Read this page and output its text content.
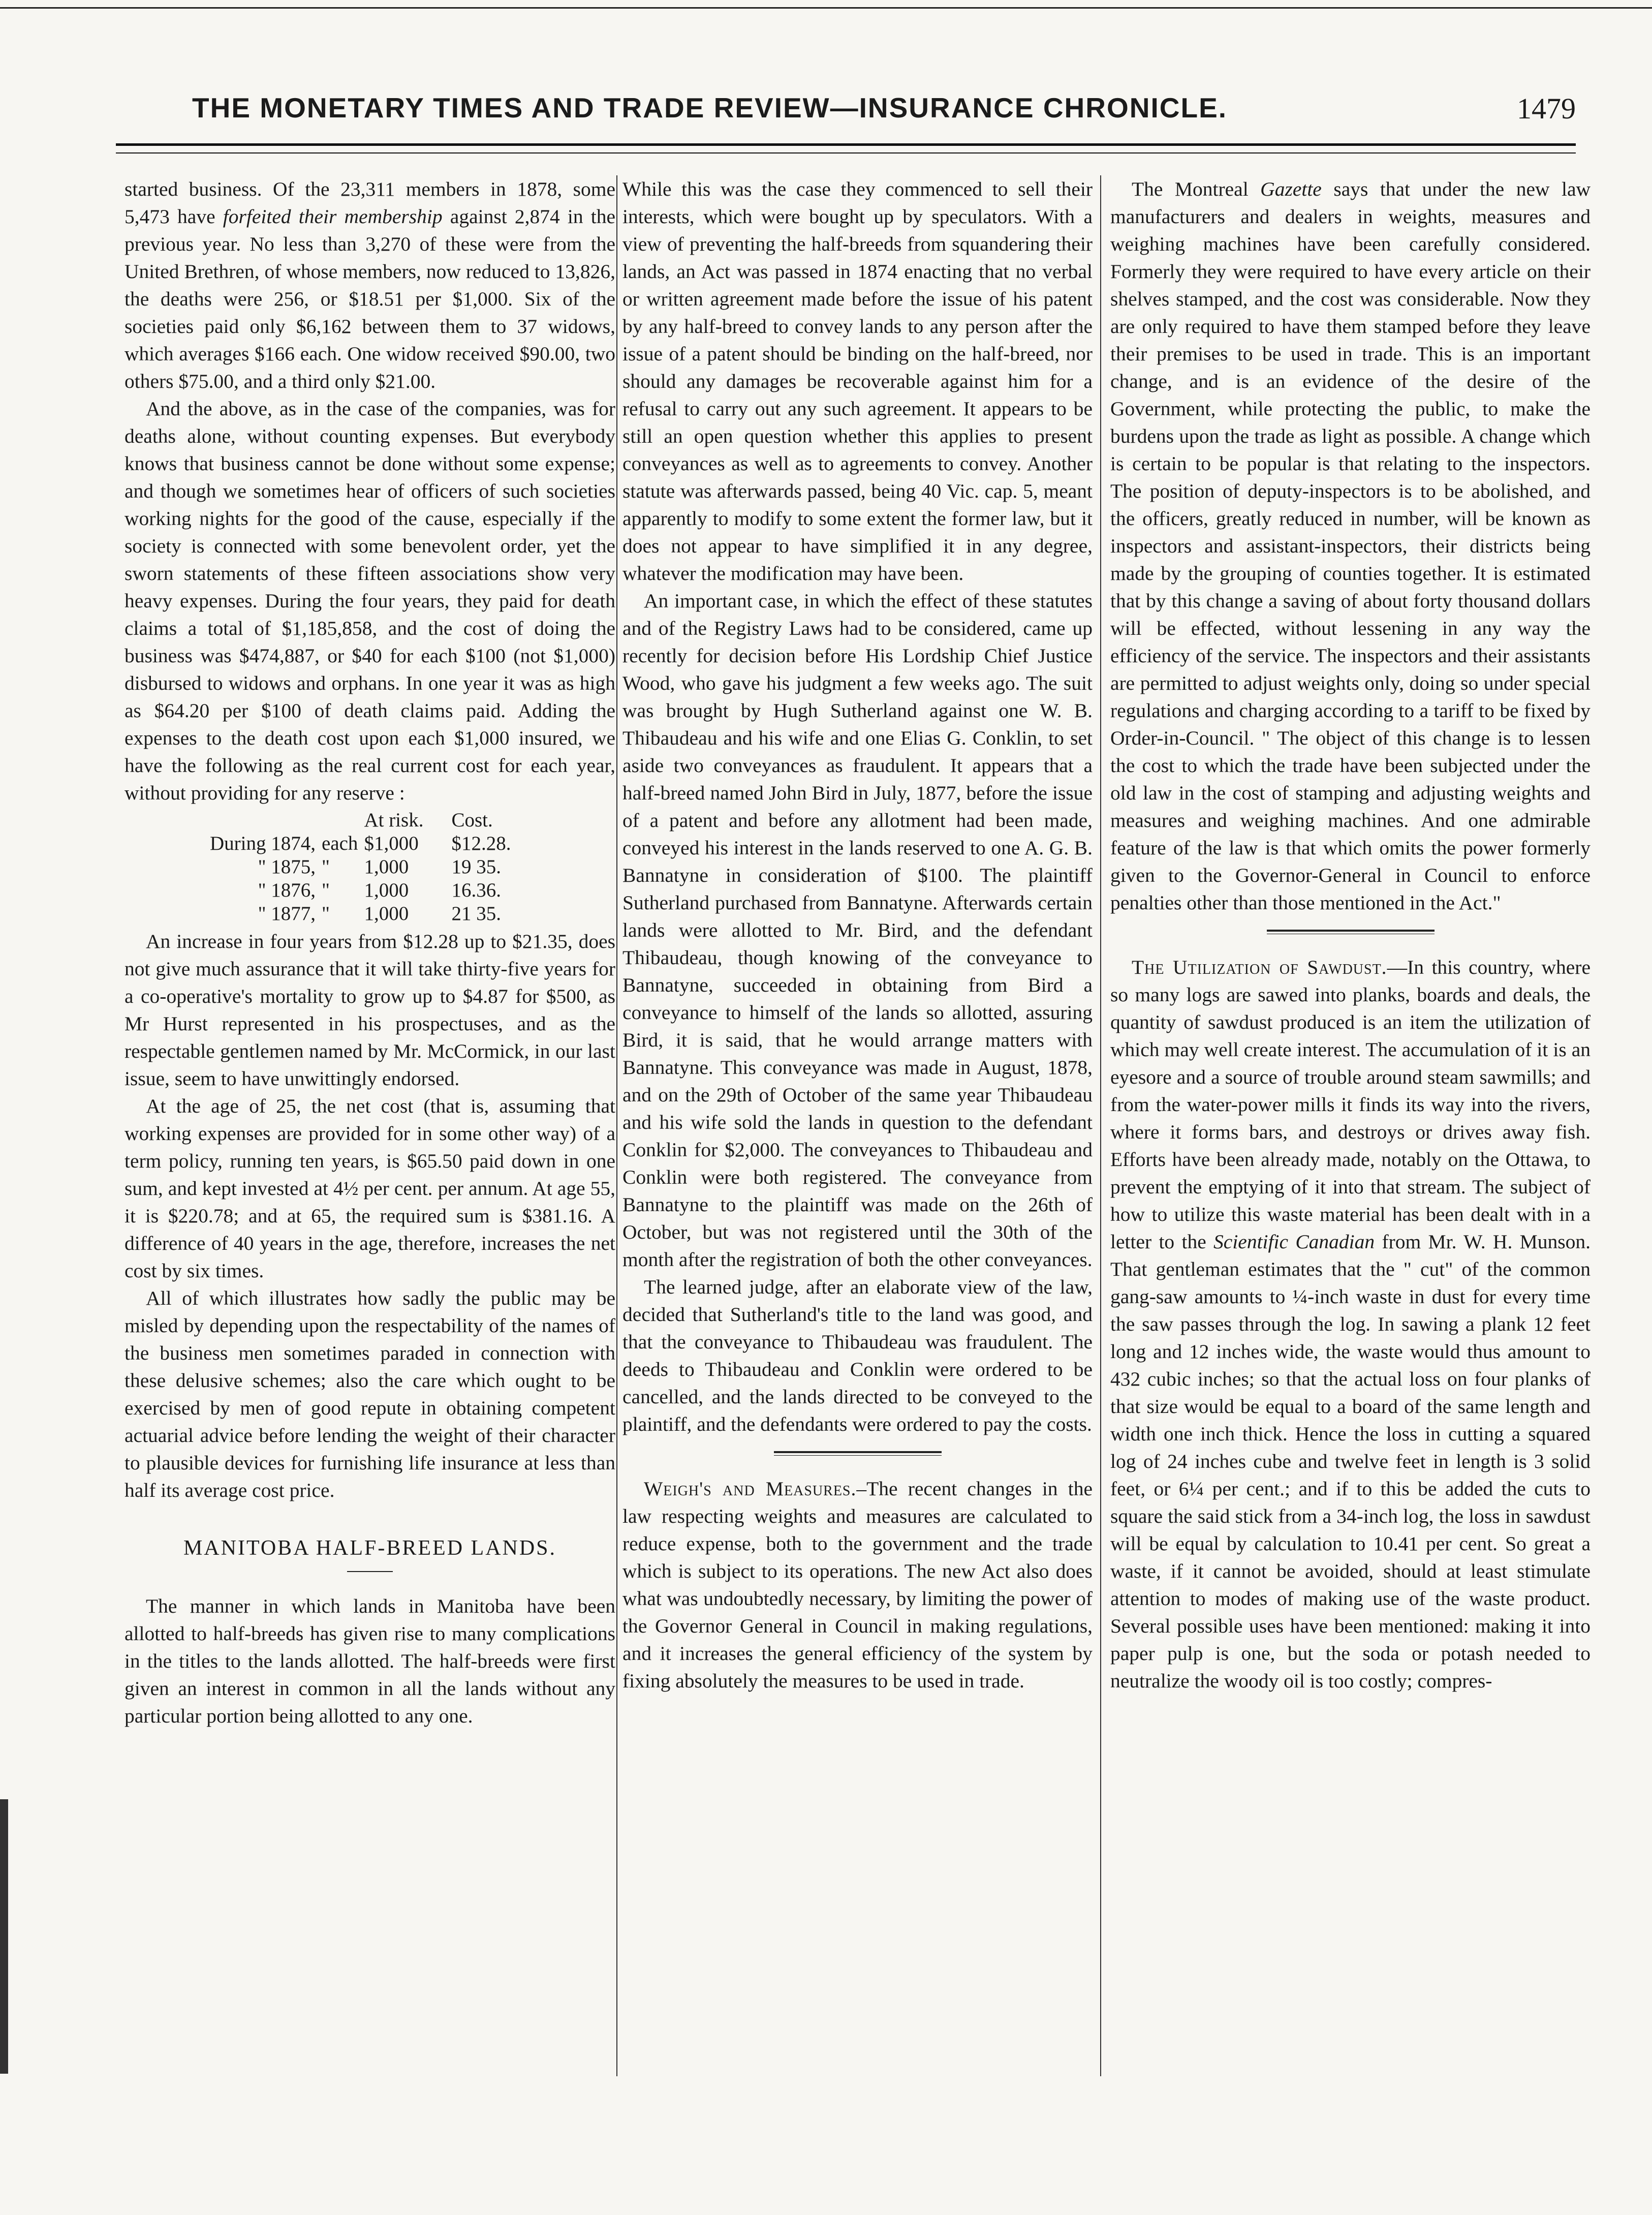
THE MONETARY TIMES AND TRADE REVIEW—INSURANCE CHRONICLE.	1479

started business. Of the 23,311 members in 1878, some 5,473 have forfeited their membership against 2,874 in the previous year. No less than 3,270 of these were from the United Brethren, of whose members, now reduced to 13,826, the deaths were 256, or $18.51 per $1,000. Six of the societies paid only $6,162 between them to 37 widows, which averages $166 each. One widow received $90.00, two others $75.00, and a third only $21.00.

And the above, as in the case of the companies, was for deaths alone, without counting expenses. But everybody knows that business cannot be done without some expense; and though we sometimes hear of officers of such societies working nights for the good of the cause, especially if the society is connected with some benevolent order, yet the sworn statements of these fifteen associations show very heavy expenses. During the four years, they paid for death claims a total of $1,185,858, and the cost of doing the business was $474,887, or $40 for each $100 (not $1,000) disbursed to widows and orphans. In one year it was as high as $64.20 per $100 of death claims paid. Adding the expenses to the death cost upon each $1,000 insured, we have the following as the real current cost for each year, without providing for any reserve :

		At risk.	Cost.
During 1874,	each	$1,000	$12.28.
" 1875,	"	1,000	19 35.
" 1876,	"	1,000	16.36.
" 1877,	"	1,000	21 35.

An increase in four years from $12.28 up to $21.35, does not give much assurance that it will take thirty-five years for a co-operative's mortality to grow up to $4.87 for $500, as Mr Hurst represented in his prospectuses, and as the respectable gentlemen named by Mr. McCormick, in our last issue, seem to have unwittingly endorsed.

At the age of 25, the net cost (that is, assuming that working expenses are provided for in some other way) of a term policy, running ten years, is $65.50 paid down in one sum, and kept invested at 4½ per cent. per annum. At age 55, it is $220.78; and at 65, the required sum is $381.16. A difference of 40 years in the age, therefore, increases the net cost by six times.

All of which illustrates how sadly the public may be misled by depending upon the respectability of the names of the business men sometimes paraded in connection with these delusive schemes; also the care which ought to be exercised by men of good repute in obtaining competent actuarial advice before lending the weight of their character to plausible devices for furnishing life insurance at less than half its average cost price.

MANITOBA HALF-BREED LANDS.

The manner in which lands in Manitoba have been allotted to half-breeds has given rise to many complications in the titles to the lands allotted. The half-breeds were first given an interest in common in all the lands without any particular portion being allotted to any one.

While this was the case they commenced to sell their interests, which were bought up by speculators. With a view of preventing the half-breeds from squandering their lands, an Act was passed in 1874 enacting that no verbal or written agreement made before the issue of his patent by any half-breed to convey lands to any person after the issue of a patent should be binding on the half-breed, nor should any damages be recoverable against him for a refusal to carry out any such agreement. It appears to be still an open question whether this applies to present conveyances as well as to agreements to convey. Another statute was afterwards passed, being 40 Vic. cap. 5, meant apparently to modify to some extent the former law, but it does not appear to have simplified it in any degree, whatever the modification may have been.

An important case, in which the effect of these statutes and of the Registry Laws had to be considered, came up recently for decision before His Lordship Chief Justice Wood, who gave his judgment a few weeks ago. The suit was brought by Hugh Sutherland against one W. B. Thibaudeau and his wife and one Elias G. Conklin, to set aside two conveyances as fraudulent. It appears that a half-breed named John Bird in July, 1877, before the issue of a patent and before any allotment had been made, conveyed his interest in the lands reserved to one A. G. B. Bannatyne in consideration of $100. The plaintiff Sutherland purchased from Bannatyne. Afterwards certain lands were allotted to Mr. Bird, and the defendant Thibaudeau, though knowing of the conveyance to Bannatyne, succeeded in obtaining from Bird a conveyance to himself of the lands so allotted, assuring Bird, it is said, that he would arrange matters with Bannatyne. This conveyance was made in August, 1878, and on the 29th of October of the same year Thibaudeau and his wife sold the lands in question to the defendant Conklin for $2,000. The conveyances to Thibaudeau and Conklin were both registered. The conveyance from Bannatyne to the plaintiff was made on the 26th of October, but was not registered until the 30th of the month after the registration of both the other conveyances.

The learned judge, after an elaborate view of the law, decided that Sutherland's title to the land was good, and that the conveyance to Thibaudeau was fraudulent. The deeds to Thibaudeau and Conklin were ordered to be cancelled, and the lands directed to be conveyed to the plaintiff, and the defendants were ordered to pay the costs.

Weigh's and Measures.–The recent changes in the law respecting weights and measures are calculated to reduce expense, both to the government and the trade which is subject to its operations. The new Act also does what was undoubtedly necessary, by limiting the power of the Governor General in Council in making regulations, and it increases the general efficiency of the system by fixing absolutely the measures to be used in trade.

The Montreal Gazette says that under the new law manufacturers and dealers in weights, measures and weighing machines have been carefully considered. Formerly they were required to have every article on their shelves stamped, and the cost was considerable. Now they are only required to have them stamped before they leave their premises to be used in trade. This is an important change, and is an evidence of the desire of the Government, while protecting the public, to make the burdens upon the trade as light as possible. A change which is certain to be popular is that relating to the inspectors. The position of deputy-inspectors is to be abolished, and the officers, greatly reduced in number, will be known as inspectors and assistant-inspectors, their districts being made by the grouping of counties together. It is estimated that by this change a saving of about forty thousand dollars will be effected, without lessening in any way the efficiency of the service. The inspectors and their assistants are permitted to adjust weights only, doing so under special regulations and charging according to a tariff to be fixed by Order-in-Council. " The object of this change is to lessen the cost to which the trade have been subjected under the old law in the cost of stamping and adjusting weights and measures and weighing machines. And one admirable feature of the law is that which omits the power formerly given to the Governor-General in Council to enforce penalties other than those mentioned in the Act."

The Utilization of Sawdust.—In this country, where so many logs are sawed into planks, boards and deals, the quantity of sawdust produced is an item the utilization of which may well create interest. The accumulation of it is an eyesore and a source of trouble around steam sawmills; and from the water-power mills it finds its way into the rivers, where it forms bars, and destroys or drives away fish. Efforts have been already made, notably on the Ottawa, to prevent the emptying of it into that stream. The subject of how to utilize this waste material has been dealt with in a letter to the Scientific Canadian from Mr. W. H. Munson. That gentleman estimates that the " cut" of the common gang-saw amounts to ¼-inch waste in dust for every time the saw passes through the log. In sawing a plank 12 feet long and 12 inches wide, the waste would thus amount to 432 cubic inches; so that the actual loss on four planks of that size would be equal to a board of the same length and width one inch thick. Hence the loss in cutting a squared log of 24 inches cube and twelve feet in length is 3 solid feet, or 6¼ per cent.; and if to this be added the cuts to square the said stick from a 34-inch log, the loss in sawdust will be equal by calculation to 10.41 per cent. So great a waste, if it cannot be avoided, should at least stimulate attention to modes of making use of the waste product. Several possible uses have been mentioned: making it into paper pulp is one, but the soda or potash needed to neutralize the woody oil is too costly; compres-
